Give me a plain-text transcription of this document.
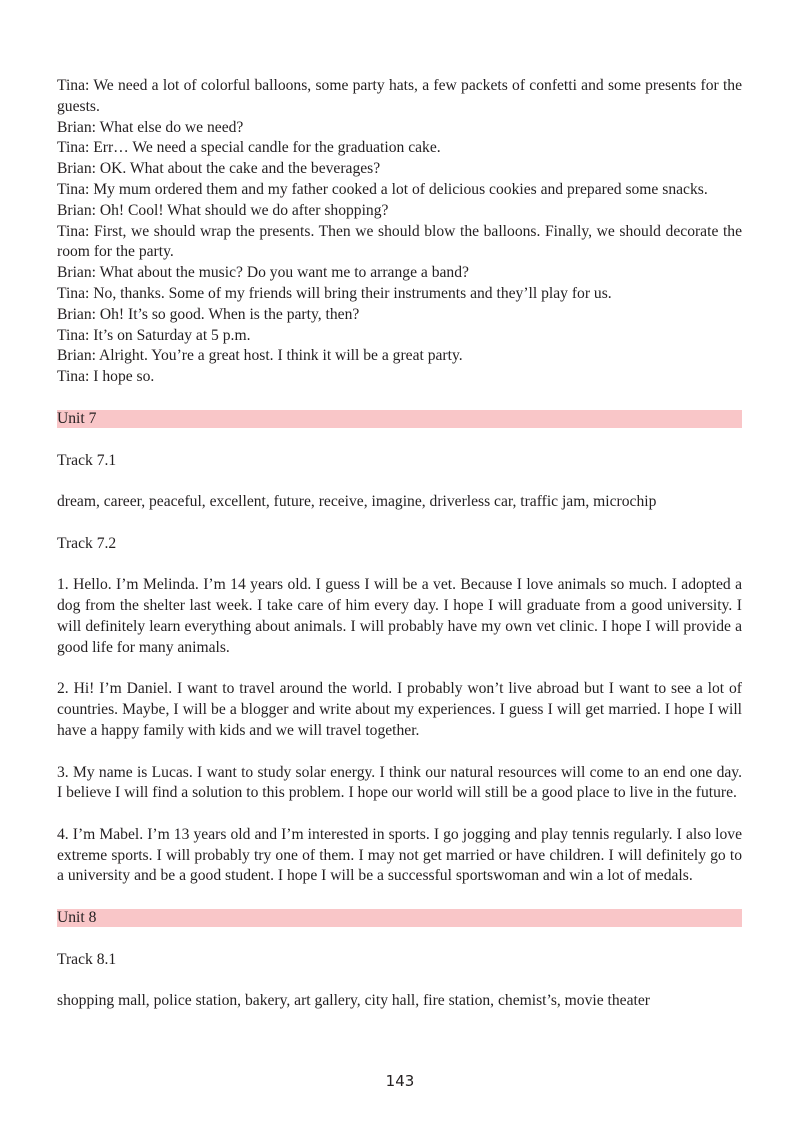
Tina: We need a lot of colorful balloons, some party hats, a few packets of confetti and some presents for the guests.

Brian: What else do we need?

Tina: Err… We need a special candle for the graduation cake.

Brian: OK. What about the cake and the beverages?

Tina: My mum ordered them and my father cooked a lot of delicious cookies and prepared some snacks.

Brian: Oh! Cool! What should we do after shopping?

Tina: First, we should wrap the presents. Then we should blow the balloons. Finally, we should decorate the room for the party.

Brian: What about the music? Do you want me to arrange a band?

Tina: No, thanks. Some of my friends will bring their instruments and they’ll play for us.

Brian: Oh! It’s so good. When is the party, then?

Tina: It’s on Saturday at 5 p.m.

Brian: Alright. You’re a great host. I think it will be a great party.

Tina: I hope so.

Unit 7

Track 7.1

dream, career, peaceful, excellent, future, receive, imagine, driverless car, traffic jam, microchip

Track 7.2

1. Hello. I’m Melinda. I’m 14 years old. I guess I will be a vet. Because I love animals so much. I adopted a dog from the shelter last week. I take care of him every day. I hope I will graduate from a good university. I will definitely learn everything about animals. I will probably have my own vet clinic. I hope I will provide a good life for many animals.

2. Hi! I’m Daniel. I want to travel around the world. I probably won’t live abroad but I want to see a lot of countries. Maybe, I will be a blogger and write about my experiences. I guess I will get married. I hope I will have a happy family with kids and we will travel together.

3. My name is Lucas. I want to study solar energy. I think our natural resources will come to an end one day. I believe I will find a solution to this problem. I hope our world will still be a good place to live in the future.

4. I’m Mabel. I’m 13 years old and I’m interested in sports. I go jogging and play tennis regularly. I also love extreme sports. I will probably try one of them. I may not get married or have children. I will definitely go to a university and be a good student. I hope I will be a successful sportswoman and win a lot of medals.

Unit 8

Track 8.1

shopping mall, police station, bakery, art gallery, city hall, fire station, chemist’s, movie theater

143
